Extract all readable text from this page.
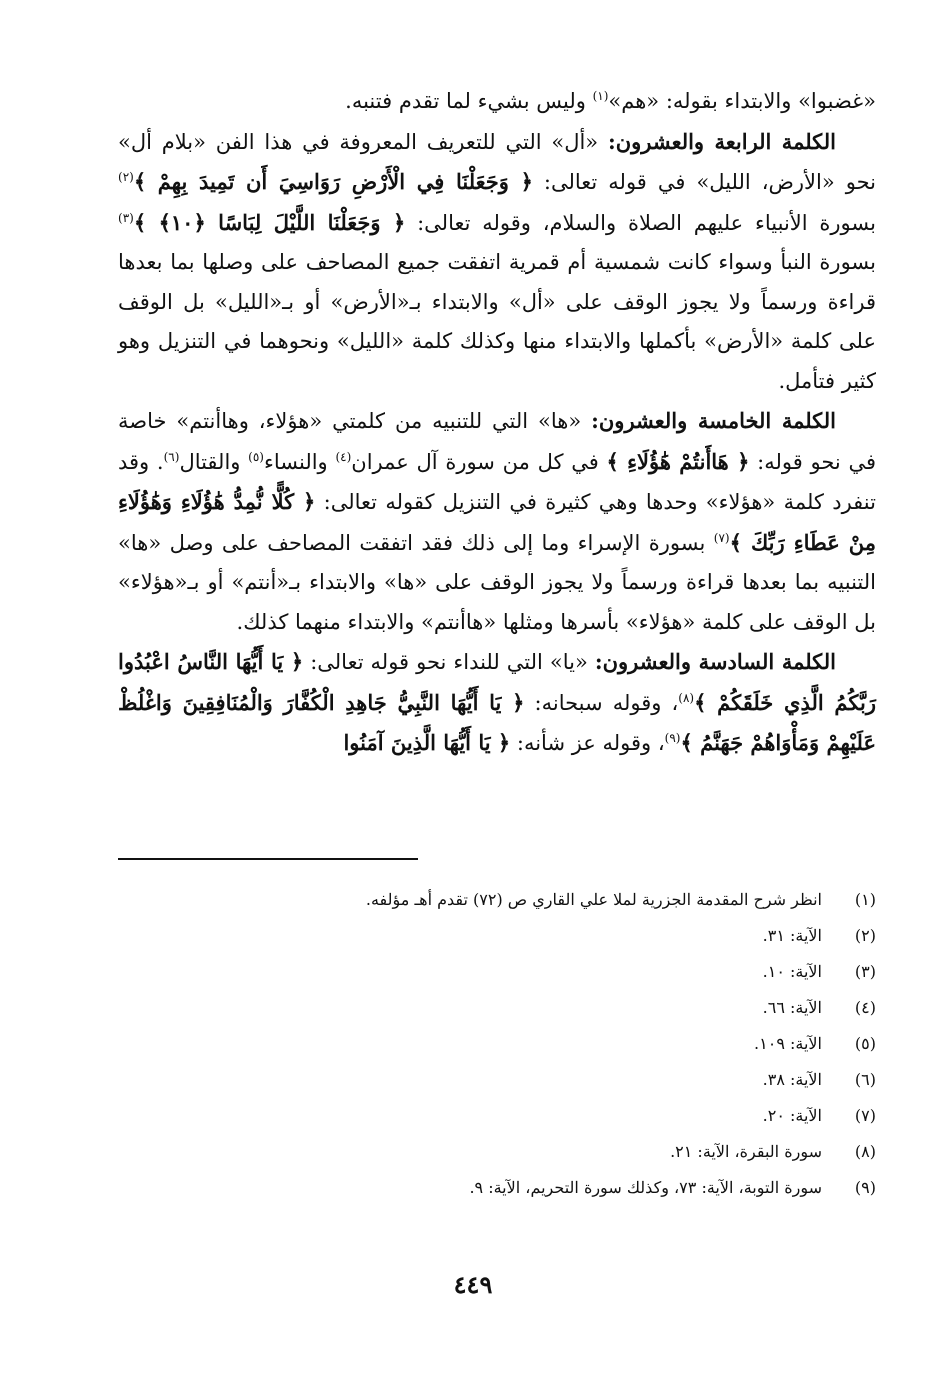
«غضبوا» والابتداء بقوله: «هم»$^{(١)}$ وليس بشيء لما تقدم فتنبه.

الكلمة الرابعة والعشرون: «أل» التي للتعريف المعروفة في هذا الفن «بلام أل» نحو «الأرض، الليل» في قوله تعالى: ﴿ وَجَعَلْنَا فِي الْأَرْضِ رَوَاسِيَ أَن تَمِيدَ بِهِمْ ﴾$^{(٢)}$ بسورة الأنبياء عليهم الصلاة والسلام، وقوله تعالى: ﴿ وَجَعَلْنَا اللَّيْلَ لِبَاسًا ﴿١٠﴾ ﴾$^{(٣)}$ بسورة النبأ وسواء كانت شمسية أم قمرية اتفقت جميع المصاحف على وصلها بما بعدها قراءة ورسماً ولا يجوز الوقف على «أل» والابتداء بـ«الأرض» أو بـ«الليل» بل الوقف على كلمة «الأرض» بأكملها والابتداء منها وكذلك كلمة «الليل» ونحوهما في التنزيل وهو كثير فتأمل.

الكلمة الخامسة والعشرون: «ها» التي للتنبيه من كلمتي «هؤلاء، وهاأنتم» خاصة في نحو قوله: ﴿ هَاأَنتُمْ هَٰؤُلَاءِ ﴾ في كل من سورة آل عمران$^{(٤)}$ والنساء$^{(٥)}$ والقتال$^{(٦)}$. وقد تنفرد كلمة «هؤلاء» وحدها وهي كثيرة في التنزيل كقوله تعالى: ﴿ كُلًّا نُّمِدُّ هَٰؤُلَاءِ وَهَٰؤُلَاءِ مِنْ عَطَاءِ رَبِّكَ ﴾$^{(٧)}$ بسورة الإسراء وما إلى ذلك فقد اتفقت المصاحف على وصل «ها» التنبيه بما بعدها قراءة ورسماً ولا يجوز الوقف على «ها» والابتداء بـ«أنتم» أو بـ«هؤلاء» بل الوقف على كلمة «هؤلاء» بأسرها ومثلها «هاأنتم» والابتداء منهما كذلك.

الكلمة السادسة والعشرون: «يا» التي للنداء نحو قوله تعالى: ﴿ يَا أَيُّهَا النَّاسُ اعْبُدُوا رَبَّكُمُ الَّذِي خَلَقَكُمْ ﴾$^{(٨)}$، وقوله سبحانه: ﴿ يَا أَيُّهَا النَّبِيُّ جَاهِدِ الْكُفَّارَ وَالْمُنَافِقِينَ وَاغْلُظْ عَلَيْهِمْ وَمَأْوَاهُمْ جَهَنَّمُ ﴾$^{(٩)}$، وقوله عز شأنه: ﴿ يَا أَيُّهَا الَّذِينَ آمَنُوا

(١)
انظر شرح المقدمة الجزرية لملا علي القاري ص (٧٢) تقدم أهـ مؤلفه.
(٢)
الآية: ٣١.
(٣)
الآية: ١٠.
(٤)
الآية: ٦٦.
(٥)
الآية: ١٠٩.
(٦)
الآية: ٣٨.
(٧)
الآية: ٢٠.
(٨)
سورة البقرة، الآية: ٢١.
(٩)
سورة التوبة، الآية: ٧٣، وكذلك سورة التحريم، الآية: ٩.
٤٤٩
